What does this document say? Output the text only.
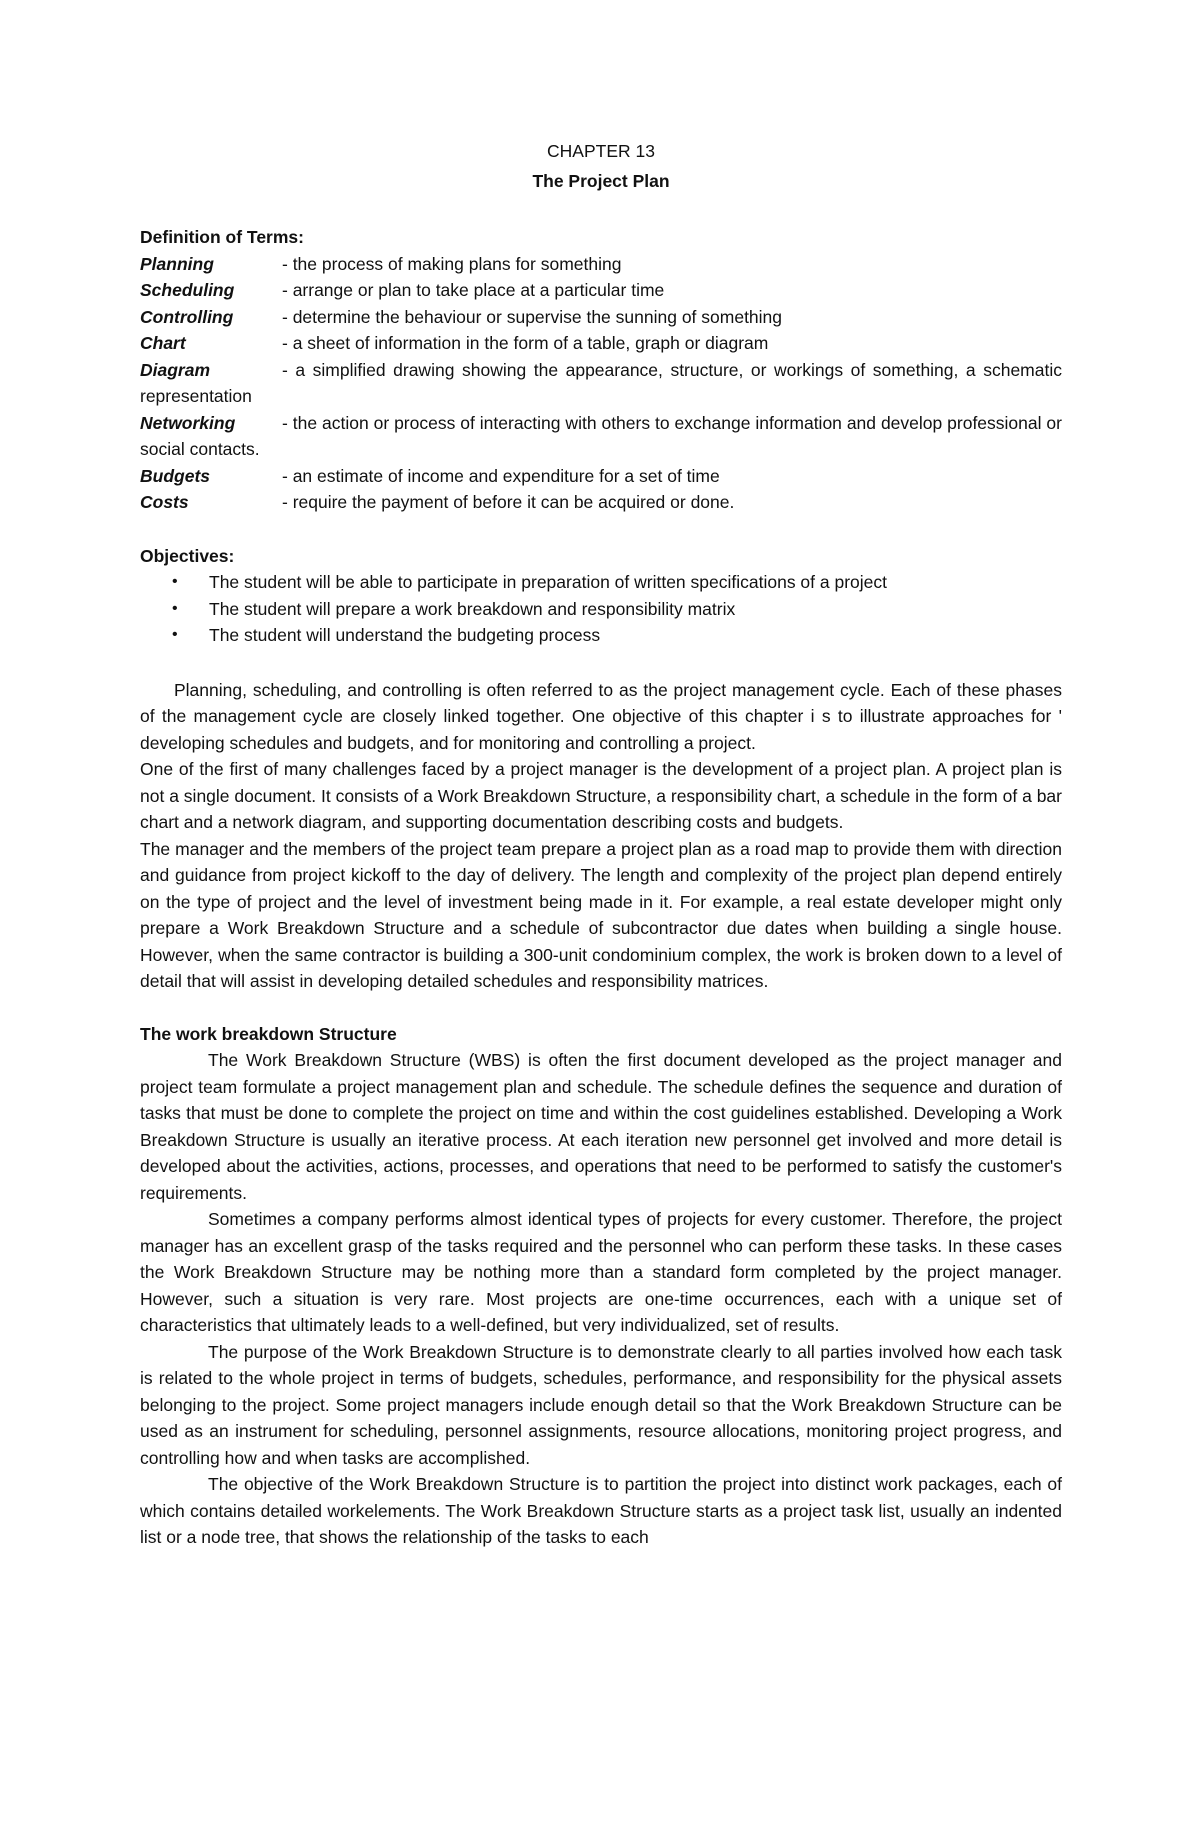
CHAPTER 13

The Project Plan

Definition of Terms:

Planning	- the process of making plans for something

Scheduling	- arrange or plan to take place at a particular time

Controlling	- determine the behaviour or supervise the sunning of something

Chart	- a sheet of information in the form of a table, graph or diagram

Diagram	- a simplified drawing showing the appearance, structure, or workings of something, a schematic representation

Networking	- the action or process of interacting with others to exchange information and develop professional or social contacts.

Budgets	- an estimate of income and expenditure for a set of time

Costs	- require the payment of before it can be acquired or done.

Objectives:

• The student will be able to participate in preparation of written specifications of a project
• The student will prepare a work breakdown and responsibility matrix
• The student will understand the budgeting process

Planning, scheduling, and controlling is often referred to as the project management cycle. Each of these phases of the management cycle are closely linked together. One objective of this chapter i s to illustrate approaches for ' developing schedules and budgets, and for monitoring and controlling a project.

One of the first of many challenges faced by a project manager is the development of a project plan. A project plan is not a single document. It consists of a Work Breakdown Structure, a responsibility chart, a schedule in the form of a bar chart and a network diagram, and supporting documentation describing costs and budgets.

The manager and the members of the project team prepare a project plan as a road map to provide them with direction and guidance from project kickoff to the day of delivery. The length and complexity of the project plan depend entirely on the type of project and the level of investment being made in it. For example, a real estate developer might only prepare a Work Breakdown Structure and a schedule of subcontractor due dates when building a single house. However, when the same contractor is building a 300-unit condominium complex, the work is broken down to a level of detail that will assist in developing detailed schedules and responsibility matrices.

The work breakdown Structure

The Work Breakdown Structure (WBS) is often the first document developed as the project manager and project team formulate a project management plan and schedule. The schedule defines the sequence and duration of tasks that must be done to complete the project on time and within the cost guidelines established. Developing a Work Breakdown Structure is usually an iterative process. At each iteration new personnel get involved and more detail is developed about the activities, actions, processes, and operations that need to be performed to satisfy the customer's requirements.

Sometimes a company performs almost identical types of projects for every customer. Therefore, the project manager has an excellent grasp of the tasks required and the personnel who can perform these tasks. In these cases the Work Breakdown Structure may be nothing more than a standard form completed by the project manager. However, such a situation is very rare. Most projects are one-time occurrences, each with a unique set of characteristics that ultimately leads to a well-defined, but very individualized, set of results.

The purpose of the Work Breakdown Structure is to demonstrate clearly to all parties involved how each task is related to the whole project in terms of budgets, schedules, performance, and responsibility for the physical assets belonging to the project. Some project managers include enough detail so that the Work Breakdown Structure can be used as an instrument for scheduling, personnel assignments, resource allocations, monitoring project progress, and controlling how and when tasks are accomplished.

The objective of the Work Breakdown Structure is to partition the project into distinct work packages, each of which contains detailed workelements. The Work Breakdown Structure starts as a project task list, usually an indented list or a node tree, that shows the relationship of the tasks to each
